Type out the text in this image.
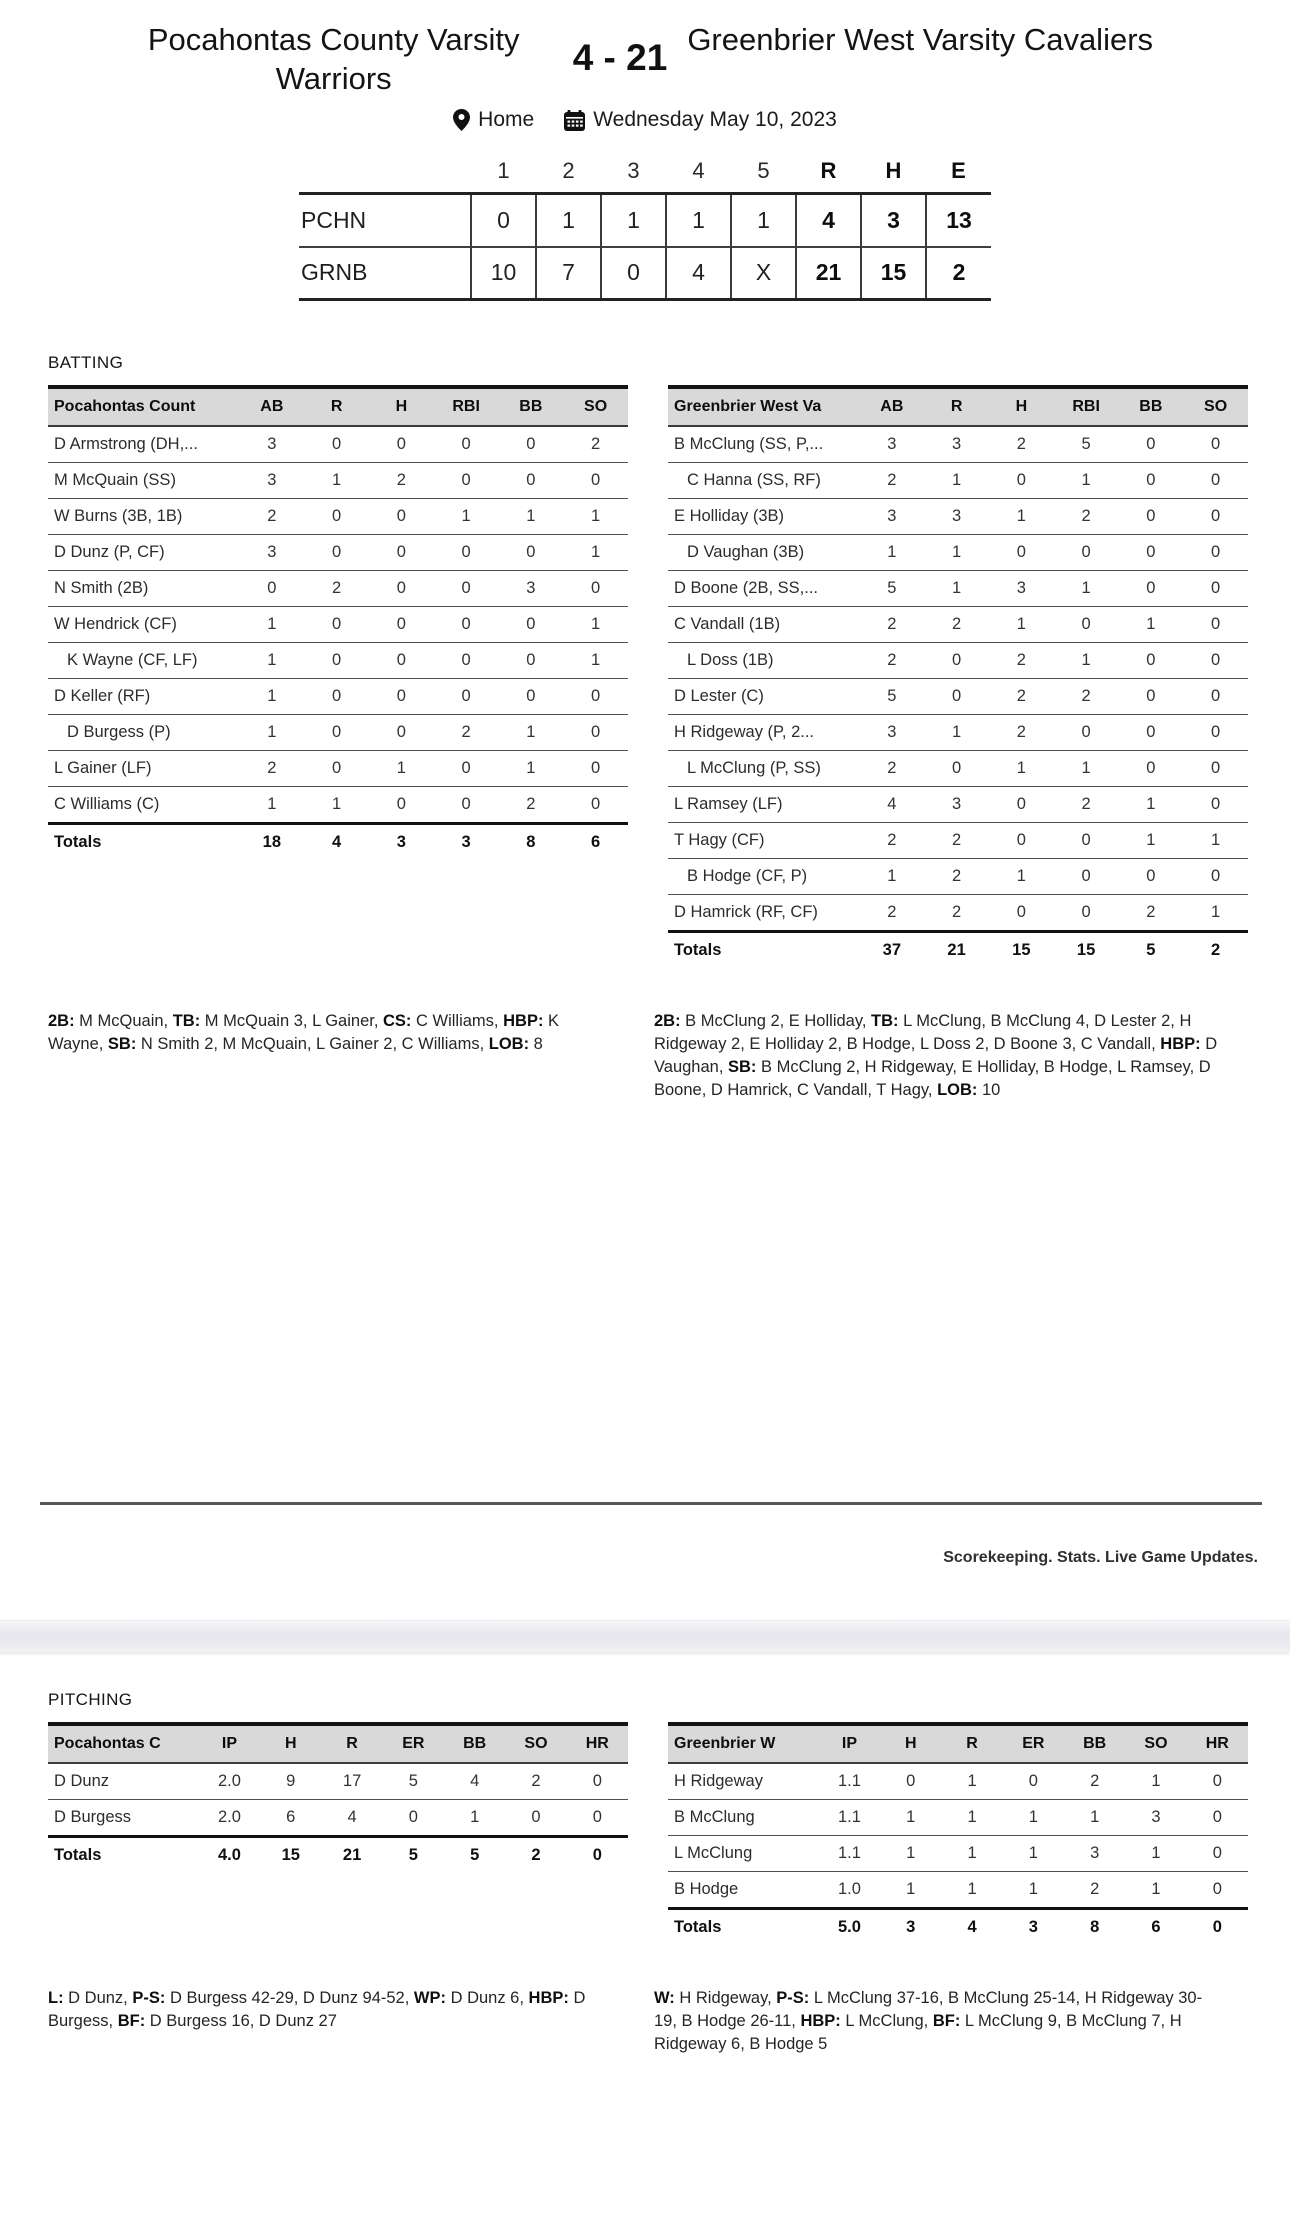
Pocahontas County Varsity Warriors
4 - 21 Greenbrier West Varsity Cavaliers
Home	Wednesday May 10, 2023
	1	2	3	4	5	R	H	E
PCHN	0	1	1	1	1	4	3	13
GRNB	10	7	0	4	X	21	15	2
BATTING
Pocahontas Count	AB	R	H	RBI	BB	SO
D Armstrong (DH,...	3	0	0	0	0	2
M McQuain (SS)	3	1	2	0	0	0
W Burns (3B, 1B)	2	0	0	1	1	1
D Dunz (P, CF)	3	0	0	0	0	1
N Smith (2B)	0	2	0	0	3	0
W Hendrick (CF)	1	0	0	0	0	1
K Wayne (CF, LF)	1	0	0	0	0	1
D Keller (RF)	1	0	0	0	0	0
D Burgess (P)	1	0	0	2	1	0
L Gainer (LF)	2	0	1	0	1	0
C Williams (C)	1	1	0	0	2	0
Totals	18	4	3	3	8	6
Greenbrier West Va	AB	R	H	RBI	BB	SO
B McClung (SS, P,...	3	3	2	5	0	0
C Hanna (SS, RF)	2	1	0	1	0	0
E Holliday (3B)	3	3	1	2	0	0
D Vaughan (3B)	1	1	0	0	0	0
D Boone (2B, SS,...	5	1	3	1	0	0
C Vandall (1B)	2	2	1	0	1	0
L Doss (1B)	2	0	2	1	0	0
D Lester (C)	5	0	2	2	0	0
H Ridgeway (P, 2...	3	1	2	0	0	0
L McClung (P, SS)	2	0	1	1	0	0
L Ramsey (LF)	4	3	0	2	1	0
T Hagy (CF)	2	2	0	0	1	1
B Hodge (CF, P)	1	2	1	0	0	0
D Hamrick (RF, CF)	2	2	0	0	2	1
Totals	37	21	15	15	5	2
2B: M McQuain, TB: M McQuain 3, L Gainer, CS: C Williams, HBP: K Wayne, SB: N Smith 2, M McQuain, L Gainer 2, C Williams, LOB: 8
2B: B McClung 2, E Holliday, TB: L McClung, B McClung 4, D Lester 2, H Ridgeway 2, E Holliday 2, B Hodge, L Doss 2, D Boone 3, C Vandall, HBP: D Vaughan, SB: B McClung 2, H Ridgeway, E Holliday, B Hodge, L Ramsey, D Boone, D Hamrick, C Vandall, T Hagy, LOB: 10
Scorekeeping. Stats. Live Game Updates.
PITCHING
Pocahontas C	IP	H	R	ER	BB	SO	HR
D Dunz	2.0	9	17	5	4	2	0
D Burgess	2.0	6	4	0	1	0	0
Totals	4.0	15	21	5	5	2	0
Greenbrier W	IP	H	R	ER	BB	SO	HR
H Ridgeway	1.1	0	1	0	2	1	0
B McClung	1.1	1	1	1	1	3	0
L McClung	1.1	1	1	1	3	1	0
B Hodge	1.0	1	1	1	2	1	0
Totals	5.0	3	4	3	8	6	0
L: D Dunz, P-S: D Burgess 42-29, D Dunz 94-52, WP: D Dunz 6, HBP: D Burgess, BF: D Burgess 16, D Dunz 27
W: H Ridgeway, P-S: L McClung 37-16, B McClung 25-14, H Ridgeway 30-19, B Hodge 26-11, HBP: L McClung, BF: L McClung 9, B McClung 7, H Ridgeway 6, B Hodge 5
